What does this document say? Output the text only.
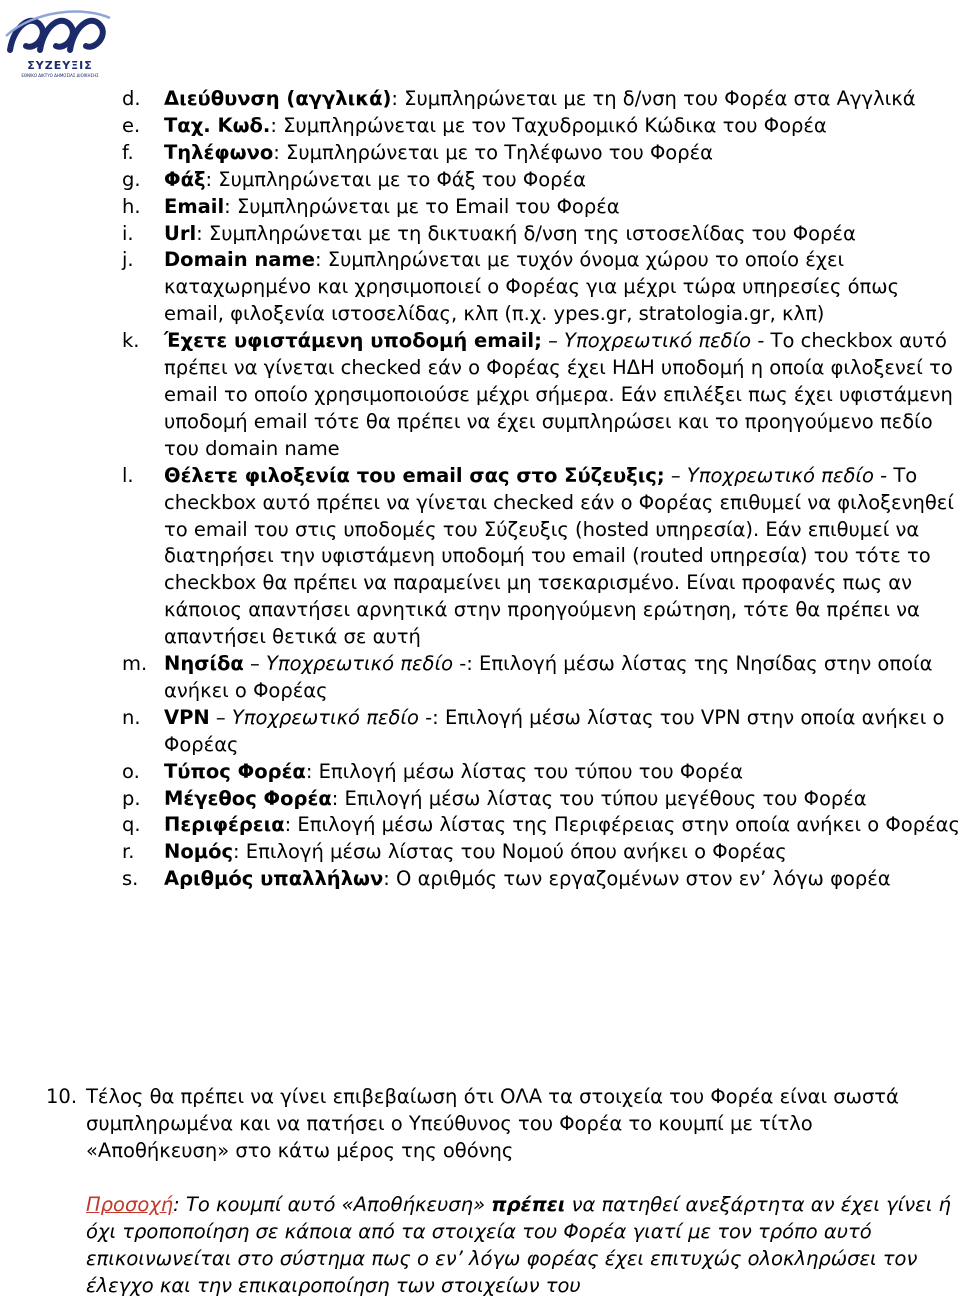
ΣΥΖΕΥΞΙΣ
ΕΘΝΙΚΟ ΔΙΚΤΥΟ ΔΗΜΟΣΙΑΣ ΔΙΟΙΚΗΣΗΣ
d.	Διεύθυνση (αγγλικά): Συμπληρώνεται με τη δ/νση του Φορέα στα Αγγλικά
e.	Ταχ. Κωδ.: Συμπληρώνεται με τον Ταχυδρομικό Κώδικα του Φορέα
f.	Τηλέφωνο: Συμπληρώνεται με το Τηλέφωνο του Φορέα
g.	Φάξ: Συμπληρώνεται με το Φάξ του Φορέα
h.	Email: Συμπληρώνεται με το Email του Φορέα
i.	Url: Συμπληρώνεται με τη δικτυακή δ/νση της ιστοσελίδας του Φορέα
j.	Domain name: Συμπληρώνεται με τυχόν όνομα χώρου το οποίο έχει καταχωρημένο και χρησιμοποιεί ο Φορέας για μέχρι τώρα υπηρεσίες όπως email, φιλοξενία ιστοσελίδας, κλπ (π.χ. ypes.gr, stratologia.gr, κλπ)
k.	Έχετε υφιστάμενη υποδομή email; – Υποχρεωτικό πεδίο - Το checkbox αυτό πρέπει να γίνεται checked εάν ο Φορέας έχει ΗΔΗ υποδομή η οποία φιλοξενεί το email το οποίο χρησιμοποιούσε μέχρι σήμερα. Εάν επιλέξει πως έχει υφιστάμενη υποδομή email τότε θα πρέπει να έχει συμπληρώσει και το προηγούμενο πεδίο του domain name
l.	Θέλετε φιλοξενία του email σας στο Σύζευξις; – Υποχρεωτικό πεδίο - Το checkbox αυτό πρέπει να γίνεται checked εάν ο Φορέας επιθυμεί να φιλοξενηθεί το email του στις υποδομές του Σύζευξις (hosted υπηρεσία). Εάν επιθυμεί να διατηρήσει την υφιστάμενη υποδομή του email (routed υπηρεσία) του τότε το checkbox θα πρέπει να παραμείνει μη τσεκαρισμένο. Είναι προφανές πως αν κάποιος απαντήσει αρνητικά στην προηγούμενη ερώτηση, τότε θα πρέπει να απαντήσει θετικά σε αυτή
m. Νησίδα – Υποχρεωτικό πεδίο -: Επιλογή μέσω λίστας της Νησίδας στην οποία ανήκει ο Φορέας
n.	VPN – Υποχρεωτικό πεδίο -: Επιλογή μέσω λίστας του VPN στην οποία ανήκει ο Φορέας
o.	Τύπος Φορέα: Επιλογή μέσω λίστας του τύπου του Φορέα
p.	Μέγεθος Φορέα: Επιλογή μέσω λίστας του τύπου μεγέθους του Φορέα
q.	Περιφέρεια: Επιλογή μέσω λίστας της Περιφέρειας στην οποία ανήκει ο Φορέας
r.	Νομός: Επιλογή μέσω λίστας του Νομού όπου ανήκει ο Φορέας
s.	Αριθμός υπαλλήλων: Ο αριθμός των εργαζομένων στον εν’ λόγω φορέα
10. Τέλος θα πρέπει να γίνει επιβεβαίωση ότι ΟΛΑ τα στοιχεία του Φορέα είναι σωστά συμπληρωμένα και να πατήσει ο Υπεύθυνος του Φορέα το κουμπί με τίτλο «Αποθήκευση» στο κάτω μέρος της οθόνης
Προσοχή: Το κουμπί αυτό «Αποθήκευση» πρέπει να πατηθεί ανεξάρτητα αν έχει γίνει ή όχι τροποποίηση σε κάποια από τα στοιχεία του Φορέα γιατί με τον τρόπο αυτό επικοινωνείται στο σύστημα πως ο εν’ λόγω φορέας έχει επιτυχώς ολοκληρώσει τον έλεγχο και την επικαιροποίηση των στοιχείων του
